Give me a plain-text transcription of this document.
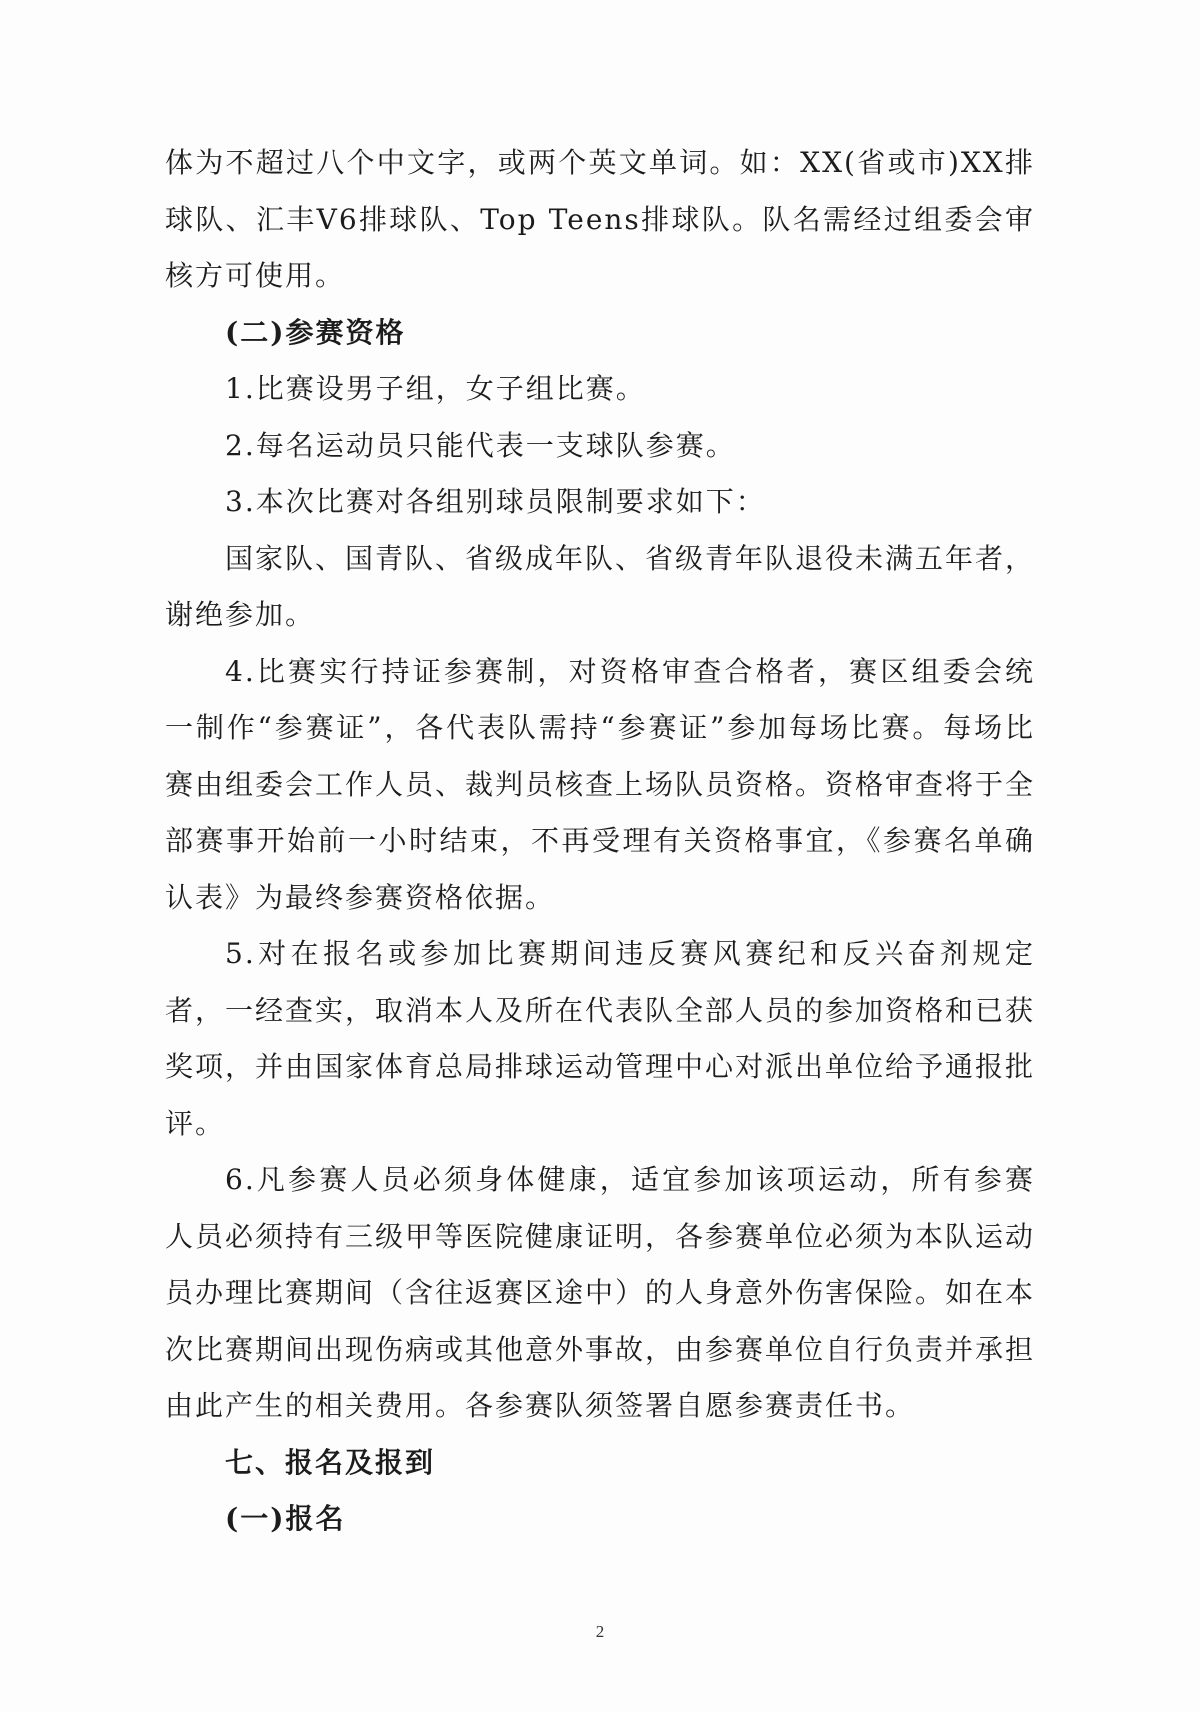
体为不超过八个中文字，或两个英文单词。如：XX(省或市)XX排球队、汇丰V6排球队、Top Teens排球队。队名需经过组委会审核方可使用。

(二)参赛资格

1.比赛设男子组，女子组比赛。

2.每名运动员只能代表一支球队参赛。

3.本次比赛对各组别球员限制要求如下：

国家队、国青队、省级成年队、省级青年队退役未满五年者，谢绝参加。

4.比赛实行持证参赛制，对资格审查合格者，赛区组委会统一制作“参赛证”，各代表队需持“参赛证”参加每场比赛。每场比赛由组委会工作人员、裁判员核查上场队员资格。资格审查将于全部赛事开始前一小时结束，不再受理有关资格事宜，《参赛名单确认表》为最终参赛资格依据。

5.对在报名或参加比赛期间违反赛风赛纪和反兴奋剂规定者，一经查实，取消本人及所在代表队全部人员的参加资格和已获奖项，并由国家体育总局排球运动管理中心对派出单位给予通报批评。

6.凡参赛人员必须身体健康，适宜参加该项运动，所有参赛人员必须持有三级甲等医院健康证明，各参赛单位必须为本队运动员办理比赛期间（含往返赛区途中）的人身意外伤害保险。如在本次比赛期间出现伤病或其他意外事故，由参赛单位自行负责并承担由此产生的相关费用。各参赛队须签署自愿参赛责任书。

七、报名及报到

(一)报名

2
